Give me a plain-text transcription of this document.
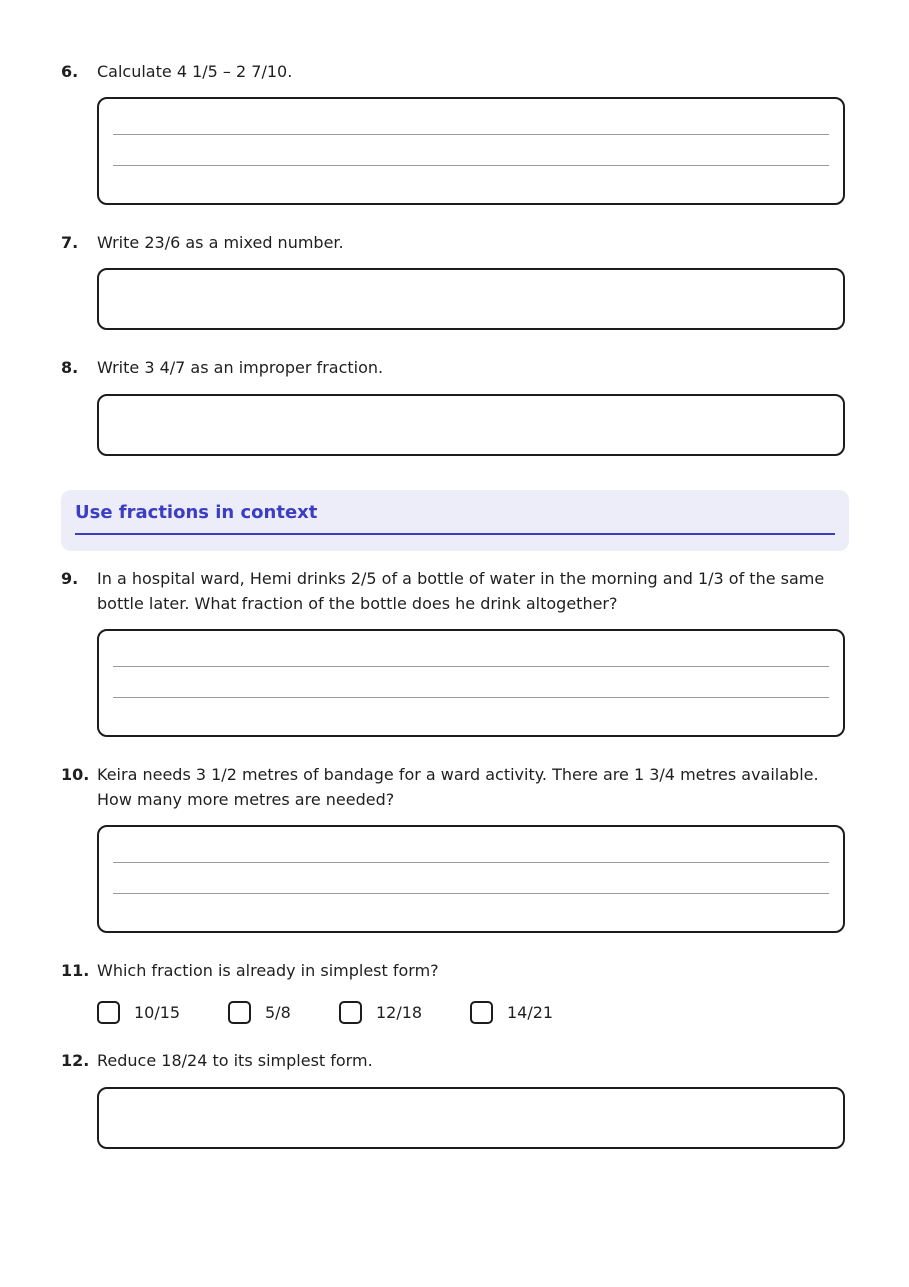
6. Calculate 4 1/5 – 2 7/10.
7. Write 23/6 as a mixed number.
8. Write 3 4/7 as an improper fraction.
Use fractions in context
9. In a hospital ward, Hemi drinks 2/5 of a bottle of water in the morning and 1/3 of the same bottle later. What fraction of the bottle does he drink altogether?
10. Keira needs 3 1/2 metres of bandage for a ward activity. There are 1 3/4 metres available. How many more metres are needed?
11. Which fraction is already in simplest form?
10/15	5/8	12/18	14/21
12. Reduce 18/24 to its simplest form.
